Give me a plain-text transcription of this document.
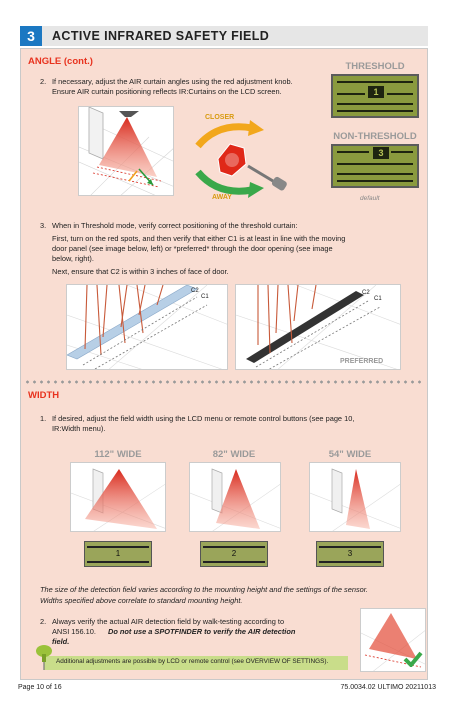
3	ACTIVE INFRARED SAFETY FIELD
ANGLE (cont.)
2. If necessary, adjust the AIR curtain angles using the red adjustment knob.
Ensure AIR curtain positioning reflects IR:Curtains on the LCD screen.
CLOSER
AWAY
THRESHOLD
1
NON-THRESHOLD
3
default
3. When in Threshold mode, verify correct positioning of the threshold curtain:
First, turn on the red spots, and then verify that either C1 is at least in line with the moving
door panel (see image below, left) or *preferred* through the door opening (see image
below, right).
Next, ensure that C2 is within 3 inches of face of door.
C2
C1
C2
C1
PREFERRED
WIDTH
1. If desired, adjust the field width using the LCD menu or remote control buttons (see page 10,
IR:Width menu).
112" WIDE
1
82" WIDE
2
54" WIDE
3
The size of the detection field varies according to the mounting height and the settings of the sensor.
Widths specified above correlate to standard mounting height.
2. Always verify the actual AIR detection field by walk-testing according to
ANSI 156.10. Do not use a SPOTFINDER to verify the AIR detection
field.
Additional adjustments are possible by LCD or remote control (see OVERVIEW OF SETTINGS).
Page 10 of 16	75.0034.02 ULTIMO 20211013
